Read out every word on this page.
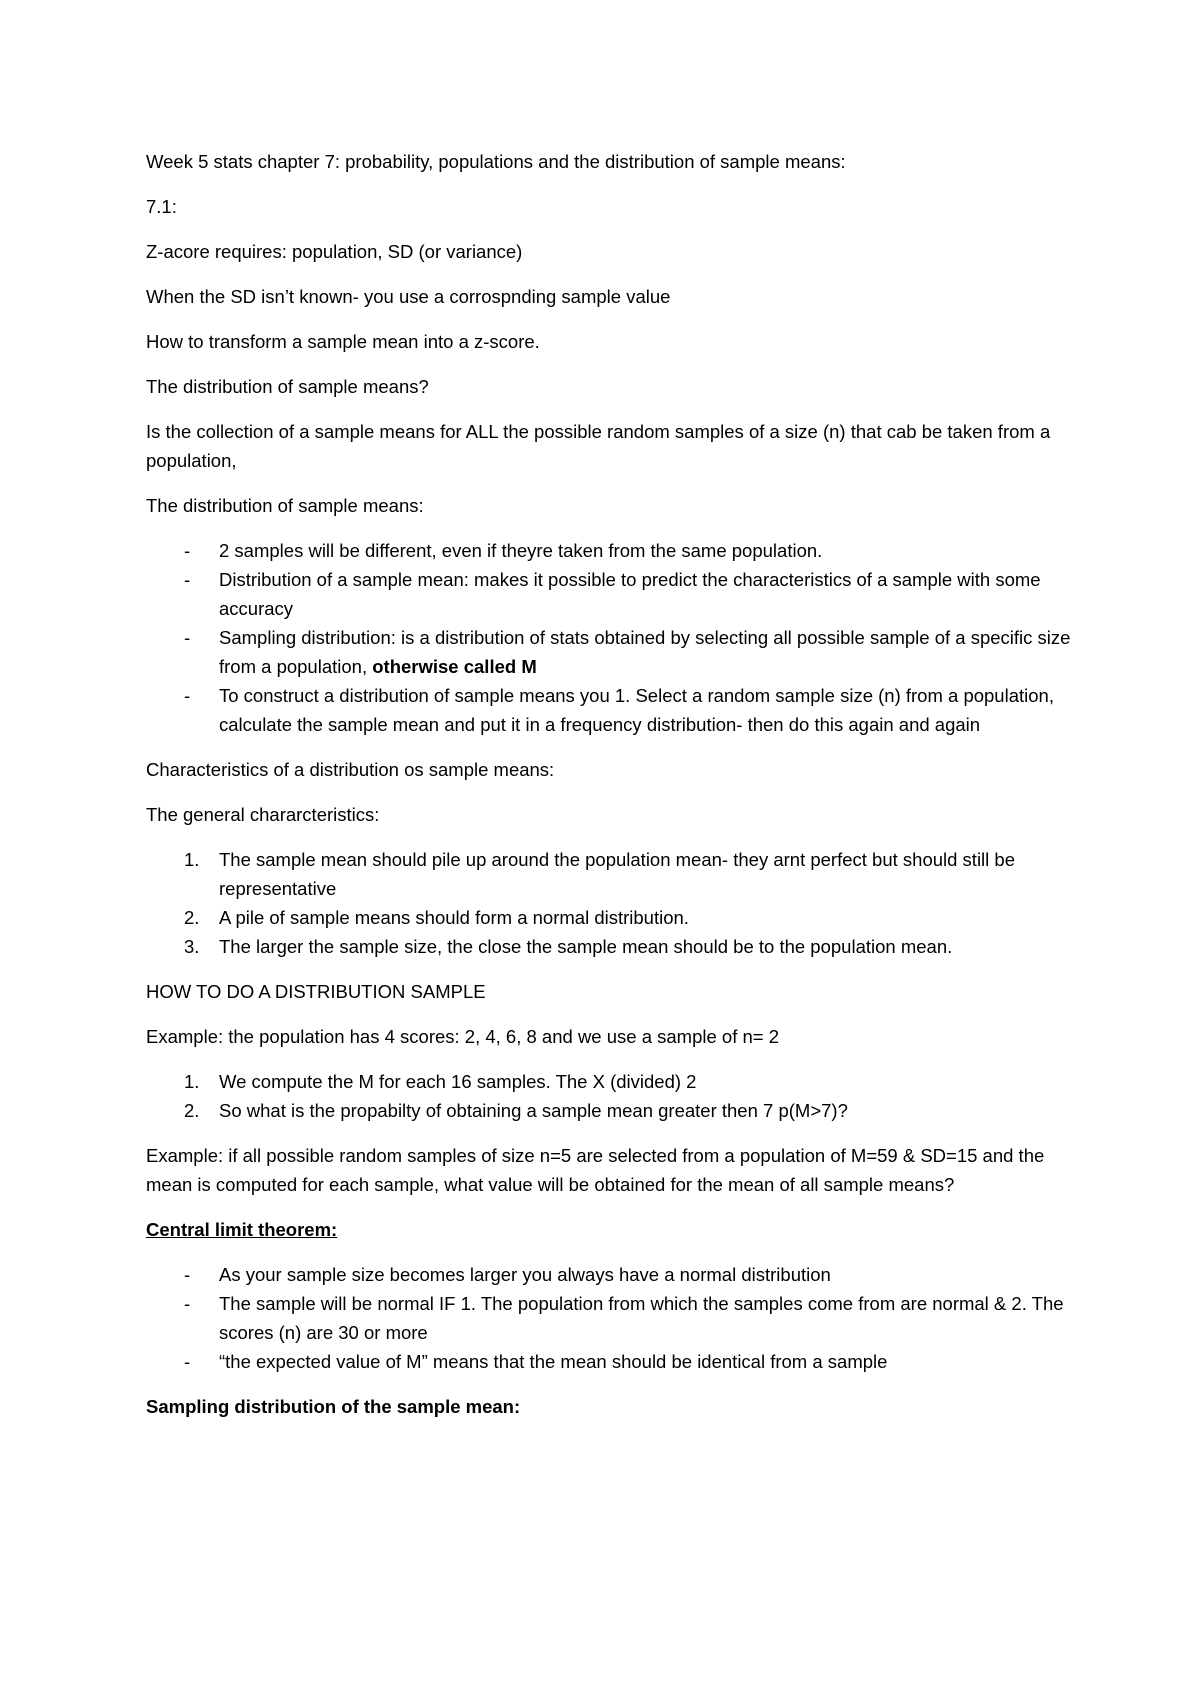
Week 5 stats chapter 7: probability, populations and the distribution of sample means:

7.1:

Z-acore requires: population, SD (or variance)

When the SD isn’t known- you use a corrospnding sample value

How to transform a sample mean into a z-score.

The distribution of sample means?

Is the collection of a sample means for ALL the possible random samples of a size (n) that cab be taken from a population,

The distribution of sample means:

- 2 samples will be different, even if theyre taken from the same population.
- Distribution of a sample mean: makes it possible to predict the characteristics of a sample with some accuracy
- Sampling distribution: is a distribution of stats obtained by selecting all possible sample of a specific size from a population, otherwise called M
- To construct a distribution of sample means you 1. Select a random sample size (n) from a population, calculate the sample mean and put it in a frequency distribution- then do this again and again

Characteristics of a distribution os sample means:

The general chararcteristics:

1. The sample mean should pile up around the population mean- they arnt perfect but should still be representative
2. A pile of sample means should form a normal distribution.
3. The larger the sample size, the close the sample mean should be to the population mean.

HOW TO DO A DISTRIBUTION SAMPLE

Example: the population has 4 scores: 2, 4, 6, 8 and we use a sample of n= 2

1. We compute the M for each 16 samples. The X (divided) 2
2. So what is the propabilty of obtaining a sample mean greater then 7 p(M>7)?

Example: if all possible random samples of size n=5 are selected from a population of M=59 & SD=15 and the mean is computed for each sample, what value will be obtained for the mean of all sample means?

Central limit theorem:

- As your sample size becomes larger you always have a normal distribution
- The sample will be normal IF 1. The population from which the samples come from are normal & 2. The scores (n) are 30 or more
- “the expected value of M” means that the mean should be identical from a sample

Sampling distribution of the sample mean:
